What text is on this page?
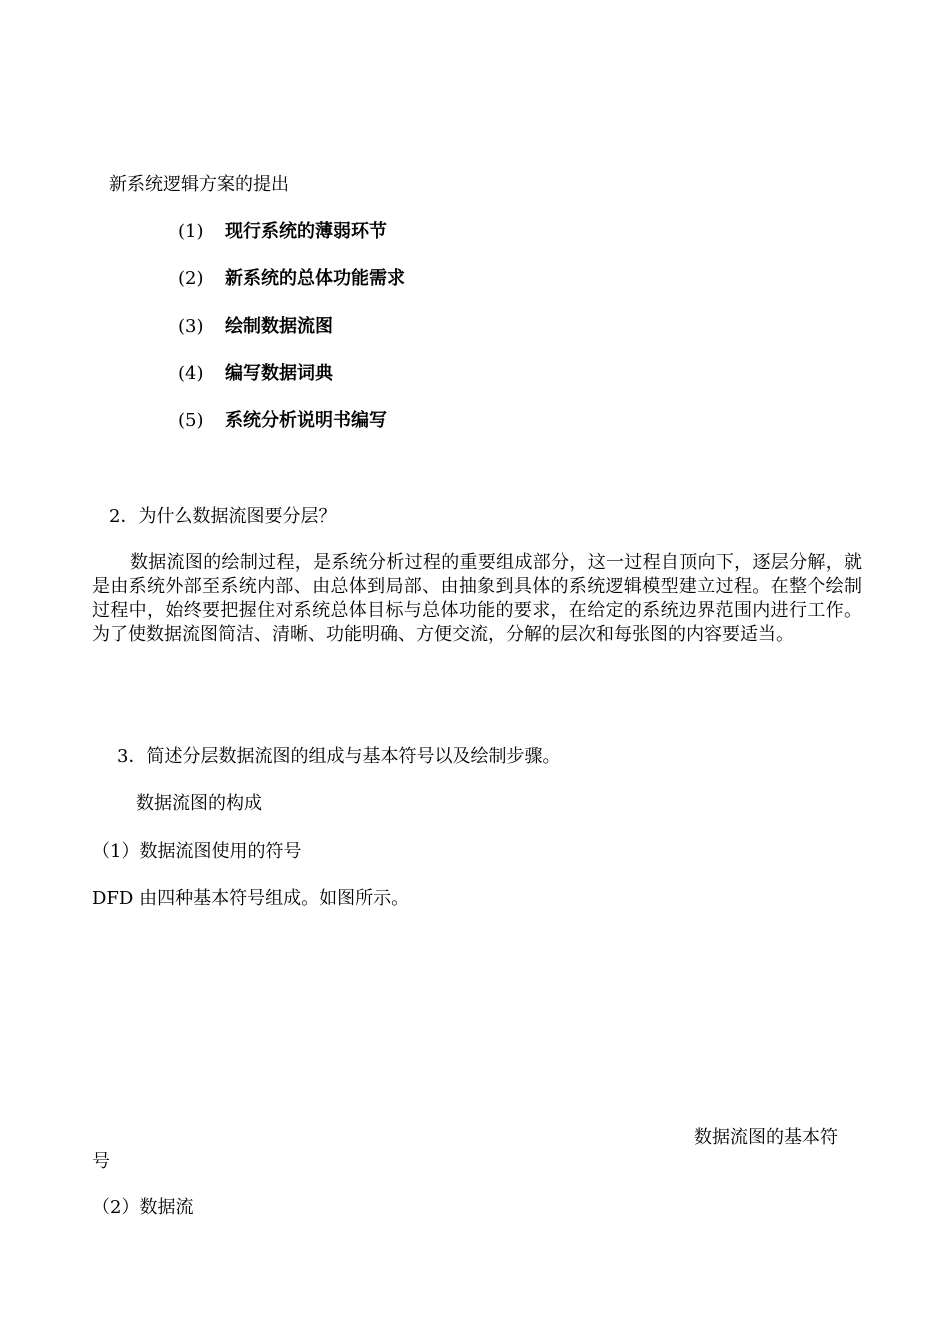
新系统逻辑方案的提出
(1) 现行系统的薄弱环节
(2) 新系统的总体功能需求
(3) 绘制数据流图
(4) 编写数据词典
(5) 系统分析说明书编写
2．为什么数据流图要分层？
数据流图的绘制过程，是系统分析过程的重要组成部分，这一过程自顶向下，逐层分解，就是由系统外部至系统内部、由总体到局部、由抽象到具体的系统逻辑模型建立过程。在整个绘制过程中，始终要把握住对系统总体目标与总体功能的要求，在给定的系统边界范围内进行工作。为了使数据流图简洁、清晰、功能明确、方便交流，分解的层次和每张图的内容要适当。
3．简述分层数据流图的组成与基本符号以及绘制步骤。
数据流图的构成
（1）数据流图使用的符号
DFD 由四种基本符号组成。如图所示。
数据流图的基本符
号
（2）数据流
